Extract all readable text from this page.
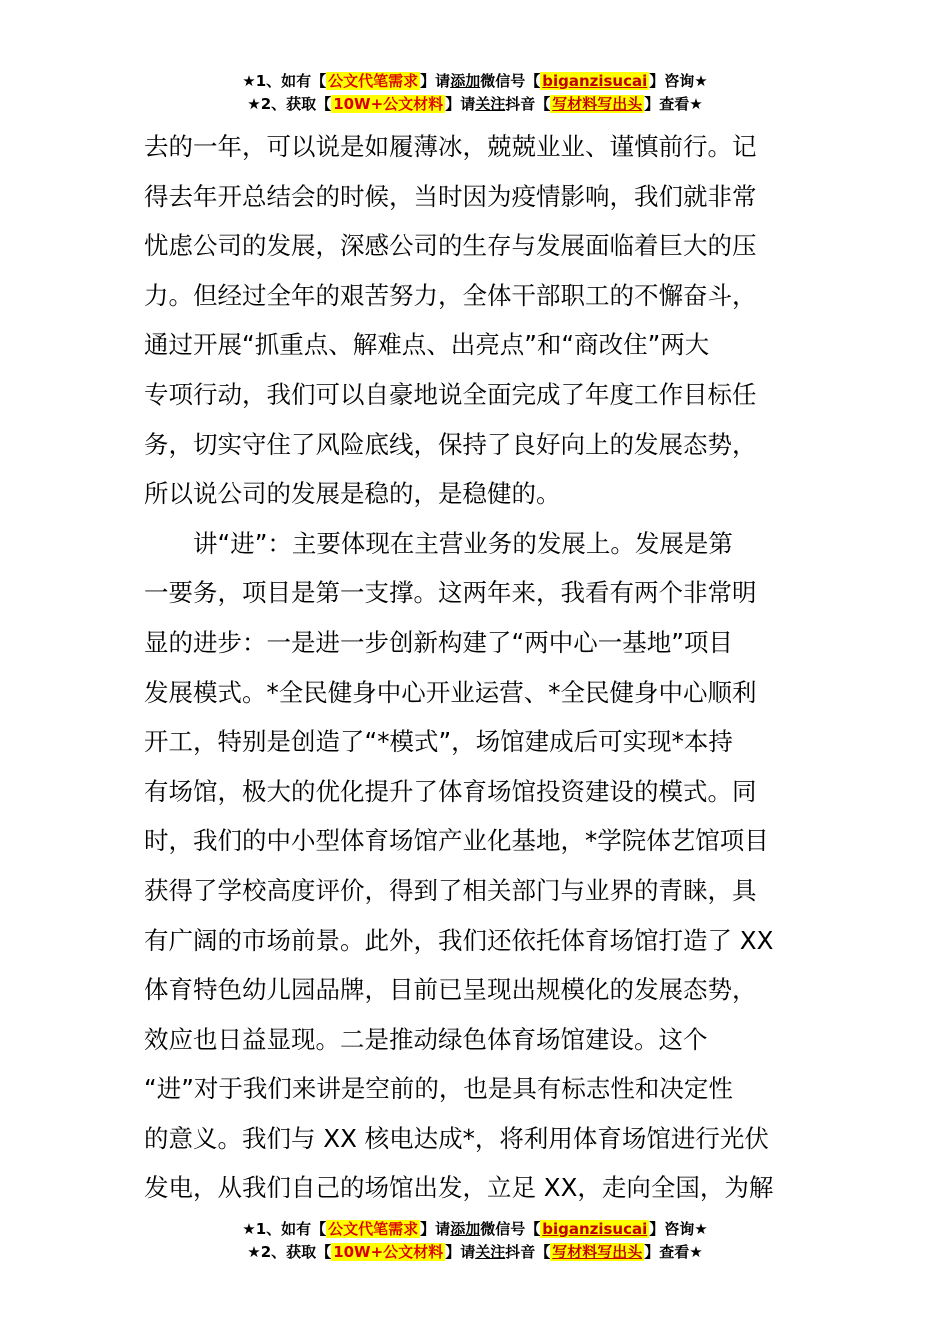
★1、如有【 公文代笔需求 】请添加微信号【 biganzisucai 】咨询★
★2、获取【 10W+公文材料 】请关注抖音【 写材料写出头 】查看★

去的一年，可以说是如履薄冰，兢兢业业、谨慎前行。记

得去年开总结会的时候，当时因为疫情影响，我们就非常

忧虑公司的发展，深感公司的生存与发展面临着巨大的压

力。但经过全年的艰苦努力，全体干部职工的不懈奋斗，

通过开展“抓重点、解难点、出亮点”和“商改住”两大

专项行动，我们可以自豪地说全面完成了年度工作目标任

务，切实守住了风险底线，保持了良好向上的发展态势，

所以说公司的发展是稳的，是稳健的。

讲“进”：主要体现在主营业务的发展上。发展是第

一要务，项目是第一支撑。这两年来，我看有两个非常明

显的进步：一是进一步创新构建了“两中心一基地”项目

发展模式。*全民健身中心开业运营、*全民健身中心顺利

开工，特别是创造了“*模式”，场馆建成后可实现*本持

有场馆，极大的优化提升了体育场馆投资建设的模式。同

时，我们的中小型体育场馆产业化基地，*学院体艺馆项目

获得了学校高度评价，得到了相关部门与业界的青睐，具

有广阔的市场前景。此外，我们还依托体育场馆打造了 XX

体育特色幼儿园品牌，目前已呈现出规模化的发展态势，

效应也日益显现。二是推动绿色体育场馆建设。这个

“进”对于我们来讲是空前的，也是具有标志性和决定性

的意义。我们与 XX 核电达成*，将利用体育场馆进行光伏

发电，从我们自己的场馆出发，立足 XX，走向全国，为解

★1、如有【 公文代笔需求 】请添加微信号【 biganzisucai 】咨询★
★2、获取【 10W+公文材料 】请关注抖音【 写材料写出头 】查看★
